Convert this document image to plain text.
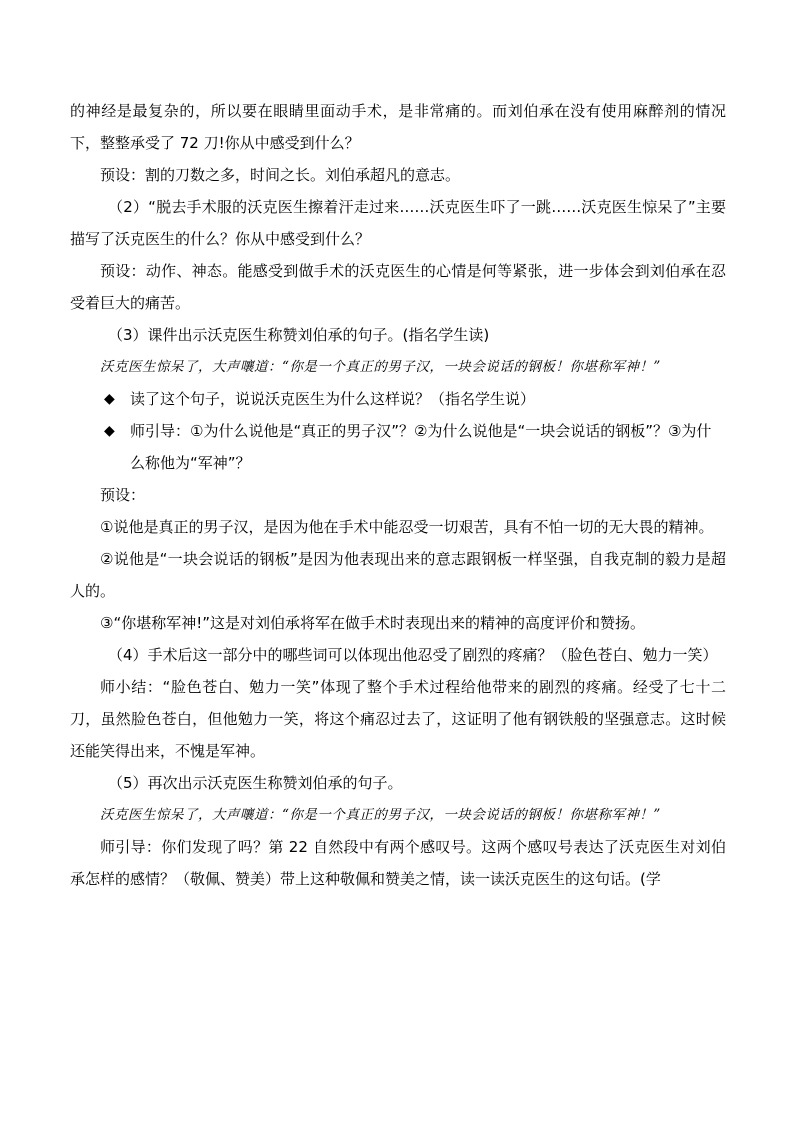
的神经是最复杂的，所以要在眼睛里面动手术，是非常痛的。而刘伯承在没有使用麻醉剂的情况下，整整承受了 72 刀!你从中感受到什么？

预设：割的刀数之多，时间之长。刘伯承超凡的意志。

（2）“脱去手术服的沃克医生擦着汗走过来……沃克医生吓了一跳……沃克医生惊呆了”主要描写了沃克医生的什么？你从中感受到什么？

预设：动作、神态。能感受到做手术的沃克医生的心情是何等紧张，进一步体会到刘伯承在忍受着巨大的痛苦。

（3）课件出示沃克医生称赞刘伯承的句子。(指名学生读)

沃克医生惊呆了，大声嚷道：“你是一个真正的男子汉，一块会说话的钢板！你堪称军神！”

◆	读了这个句子，说说沃克医生为什么这样说？（指名学生说）
◆	师引导：①为什么说他是“真正的男子汉”？②为什么说他是“一块会说话的钢板”？③为什么称他为“军神”？

预设：

①说他是真正的男子汉，是因为他在手术中能忍受一切艰苦，具有不怕一切的无大畏的精神。

②说他是“一块会说话的钢板”是因为他表现出来的意志跟钢板一样坚强，自我克制的毅力是超人的。

③“你堪称军神!”这是对刘伯承将军在做手术时表现出来的精神的高度评价和赞扬。

（4）手术后这一部分中的哪些词可以体现出他忍受了剧烈的疼痛？（脸色苍白、勉力一笑）

师小结：“脸色苍白、勉力一笑”体现了整个手术过程给他带来的剧烈的疼痛。经受了七十二刀，虽然脸色苍白，但他勉力一笑，将这个痛忍过去了，这证明了他有钢铁般的坚强意志。这时候还能笑得出来，不愧是军神。

（5）再次出示沃克医生称赞刘伯承的句子。

沃克医生惊呆了，大声嚷道：“你是一个真正的男子汉，一块会说话的钢板！你堪称军神！”

师引导：你们发现了吗？第 22 自然段中有两个感叹号。这两个感叹号表达了沃克医生对刘伯承怎样的感情？（敬佩、赞美）带上这种敬佩和赞美之情，读一读沃克医生的这句话。(学
